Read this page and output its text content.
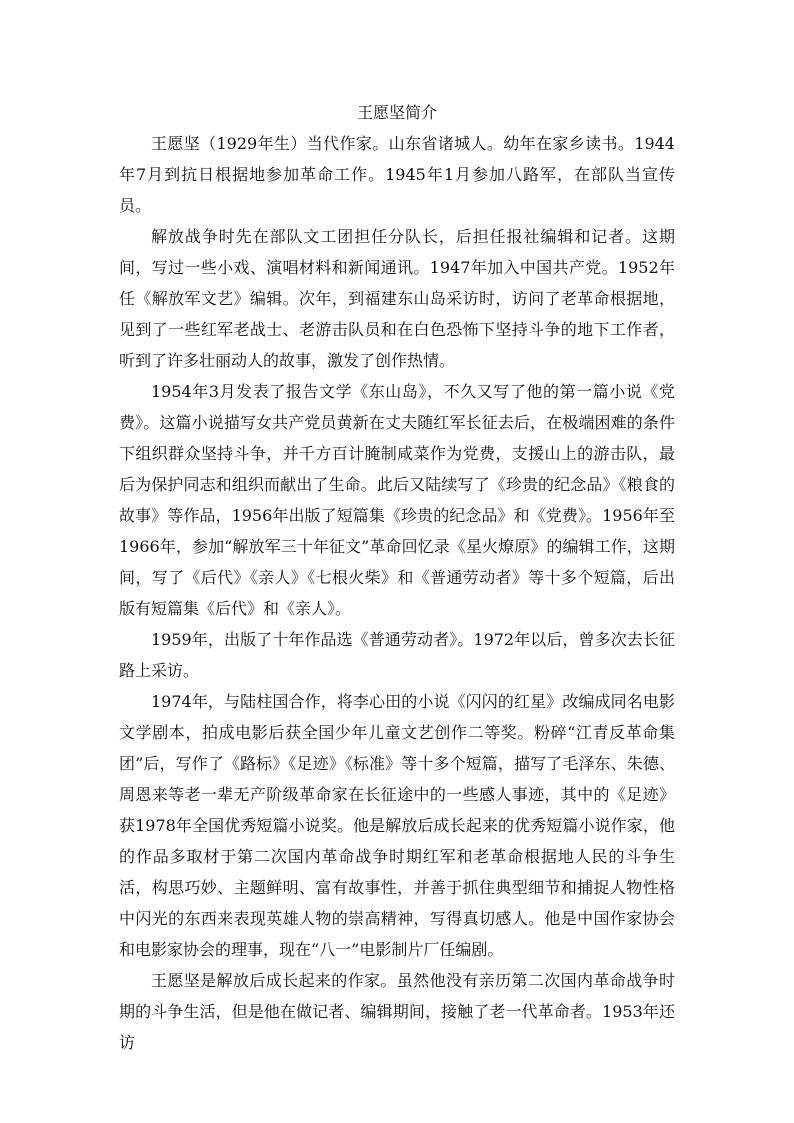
王愿坚简介

王愿坚（1929年生）当代作家。山东省诸城人。幼年在家乡读书。1944年7月到抗日根据地参加革命工作。1945年1月参加八路军，在部队当宣传员。

解放战争时先在部队文工团担任分队长，后担任报社编辑和记者。这期间，写过一些小戏、演唱材料和新闻通讯。1947年加入中国共产党。1952年任《解放军文艺》编辑。次年，到福建东山岛采访时，访问了老革命根据地，见到了一些红军老战士、老游击队员和在白色恐怖下坚持斗争的地下工作者，听到了许多壮丽动人的故事，激发了创作热情。

1954年3月发表了报告文学《东山岛》，不久又写了他的第一篇小说《党费》。这篇小说描写女共产党员黄新在丈夫随红军长征去后，在极端困难的条件下组织群众坚持斗争，并千方百计腌制咸菜作为党费，支援山上的游击队，最后为保护同志和组织而献出了生命。此后又陆续写了《珍贵的纪念品》《粮食的故事》等作品，1956年出版了短篇集《珍贵的纪念品》和《党费》。1956年至1966年，参加“解放军三十年征文”革命回忆录《星火燎原》的编辑工作，这期间，写了《后代》《亲人》《七根火柴》和《普通劳动者》等十多个短篇，后出版有短篇集《后代》和《亲人》。

1959年，出版了十年作品选《普通劳动者》。1972年以后，曾多次去长征路上采访。

1974年，与陆柱国合作，将李心田的小说《闪闪的红星》改编成同名电影文学剧本，拍成电影后获全国少年儿童文艺创作二等奖。粉碎“江青反革命集团”后，写作了《路标》《足迹》《标准》等十多个短篇，描写了毛泽东、朱德、周恩来等老一辈无产阶级革命家在长征途中的一些感人事迹，其中的《足迹》获1978年全国优秀短篇小说奖。他是解放后成长起来的优秀短篇小说作家，他的作品多取材于第二次国内革命战争时期红军和老革命根据地人民的斗争生活，构思巧妙、主题鲜明、富有故事性，并善于抓住典型细节和捕捉人物性格中闪光的东西来表现英雄人物的崇高精神，写得真切感人。他是中国作家协会和电影家协会的理事，现在“八一”电影制片厂任编剧。

王愿坚是解放后成长起来的作家。虽然他没有亲历第二次国内革命战争时期的斗争生活，但是他在做记者、编辑期间，接触了老一代革命者。1953年还访
